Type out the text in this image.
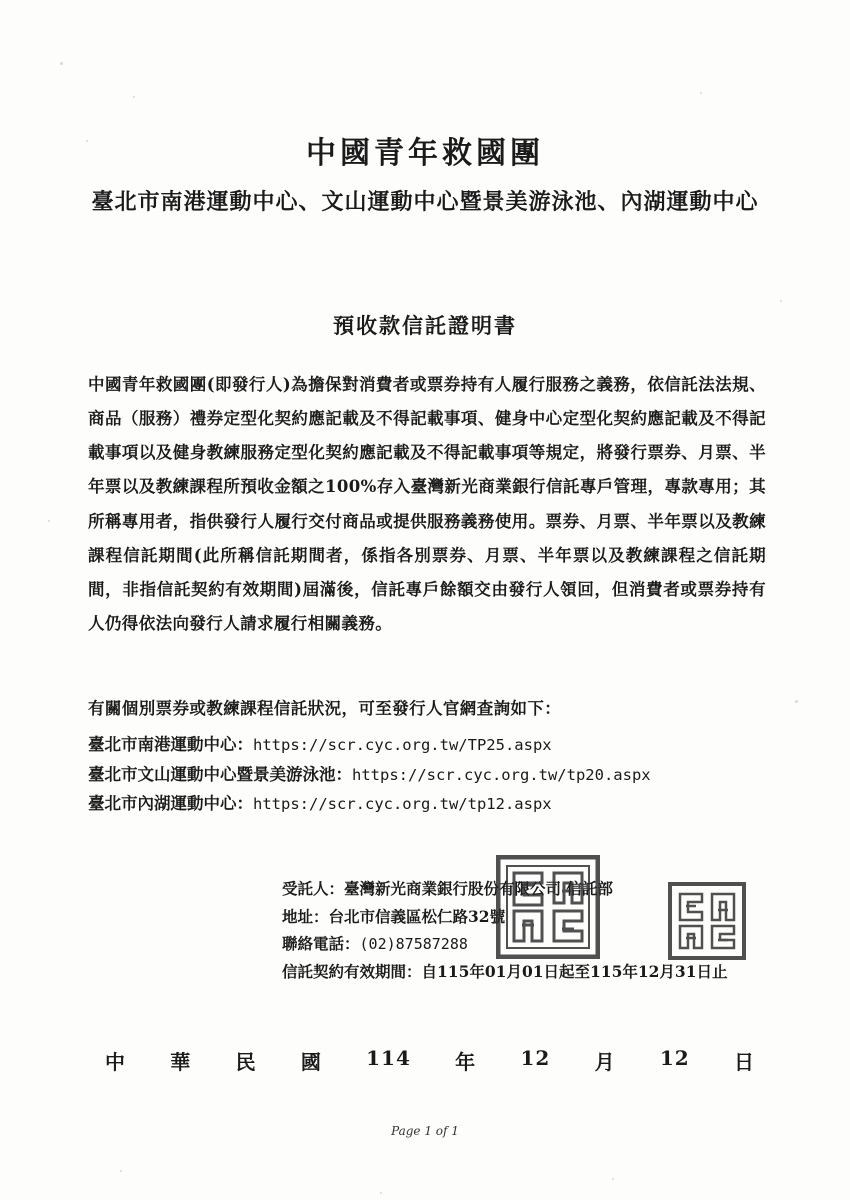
中國青年救國團
臺北市南港運動中心、文山運動中心暨景美游泳池、內湖運動中心
預收款信託證明書
中國青年救國團(即發行人)為擔保對消費者或票券持有人履行服務之義務，依信託法法規、商品（服務）禮券定型化契約應記載及不得記載事項、健身中心定型化契約應記載及不得記載事項以及健身教練服務定型化契約應記載及不得記載事項等規定，將發行票券、月票、半年票以及教練課程所預收金額之100%存入臺灣新光商業銀行信託專戶管理，專款專用；其所稱專用者，指供發行人履行交付商品或提供服務義務使用。票券、月票、半年票以及教練課程信託期間(此所稱信託期間者，係指各別票券、月票、半年票以及教練課程之信託期間，非指信託契約有效期間)屆滿後，信託專戶餘額交由發行人領回，但消費者或票券持有人仍得依法向發行人請求履行相關義務。
有關個別票券或教練課程信託狀況，可至發行人官網查詢如下：
臺北市南港運動中心：https://scr.cyc.org.tw/TP25.aspx
臺北市文山運動中心暨景美游泳池：https://scr.cyc.org.tw/tp20.aspx
臺北市內湖運動中心：https://scr.cyc.org.tw/tp12.aspx
受託人：臺灣新光商業銀行股份有限公司 信託部
地址：台北市信義區松仁路32號
聯絡電話：(02)87587288
信託契約有效期間：自115年01月01日起至115年12月31日止
中 華 民 國 114 年 12 月 12 日
Page 1 of 1
